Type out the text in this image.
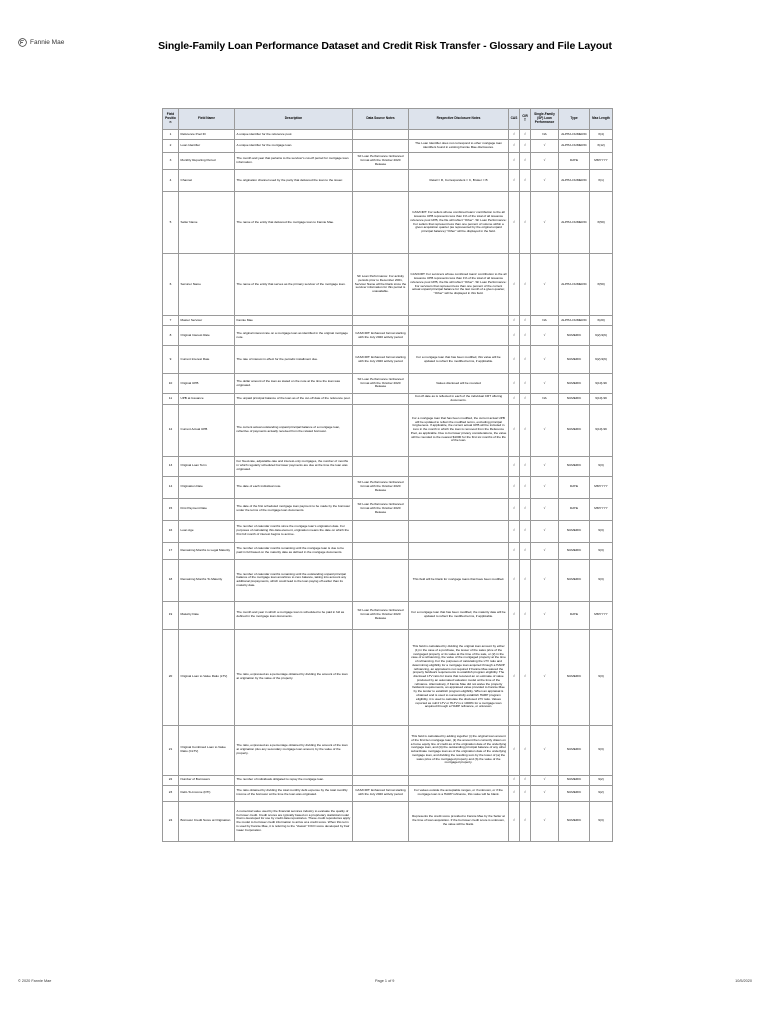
Fannie Mae	Single-Family Loan Performance Dataset and Credit Risk Transfer - Glossary and File Layout
Field Position	Field Name	Description	Data Source Notes	Respective Disclosure Notes	CAS	CIRT	Single-Family (SF) Loan Performance	Type	Max Length
1	Reference Pool ID	A unique identifier for the reference pool.			√	√	NA	ALPHA-NUMERIC	X(4)
2	Loan Identifier	A unique identifier for the mortgage loan.		The Loan Identifier does not correspond to other mortgage loan identifiers found in existing Fannie Mae disclosures.	√	√	√	ALPHA-NUMERIC	X(12)
3	Monthly Reporting Period	The month and year that pertains to the servicer's cut-off period for mortgage loan information.	SF Loan Performance: Enhanced format with the October 2020 Release		√	√	√	DATE	MMYYYY
4	Channel	The origination channel used by the party that delivered the loan to the issuer.		Retail = R, Correspondent = C, Broker = B	√	√	√	ALPHA-NUMERIC	X(1)
5	Seller Name	The name of the entity that delivered the mortgage loan to Fannie Mae.		CAS/CIRT: For sellers whose combined loans' contribution to the all issuance UPB represents less than 1% of the total of all issuance reference pool UPB, the file will reflect "Other". SF Loan Performance: For sellers that represent less than one percent of volume within a given acquisition quarter (as represented by the original unpaid principal balance) "Other" will be displayed in the field.	√	√	√	ALPHA-NUMERIC	X(50)
6	Servicer Name	The name of the entity that serves as the primary servicer of the mortgage loan.	SF Loan Performance: For activity periods prior to December 2001, Servicer Name will be blank since the servicer information for this period is unavailable.	CAS/CIRT: For servicers whose combined loans' contribution to the all issuance UPB represents less than 1% of the total of all issuance reference pool UPB, the file will reflect "Other". SF Loan Performance: For servicers that represent less than one percent of the current actual unpaid principal balance for the last month of a given quarter, "Other" will be displayed in this field.	√	√	√	ALPHA-NUMERIC	X(50)
7	Master Servicer	Fannie Mae			√	√	NA	ALPHA-NUMERIC	X(20)
8	Original Interest Rate	The original interest rate on a mortgage loan as identified in the original mortgage note.	CAS/CIRT: Enhanced format starting with the July 2020 activity period		√	√	√	NUMERIC	9(2).9(6)
9	Current Interest Rate	The rate of interest in effect for the periodic installment due.	CAS/CIRT: Enhanced format starting with the July 2020 activity period	For a mortgage loan that has been modified, this value will be updated to reflect the modified terms, if applicable.	√	√	√	NUMERIC	9(2).9(6)
10	Original UPB	The dollar amount of the loan as stated on the note at the time the loan was originated.	SF Loan Performance: Enhanced format with the October 2020 Release	Values disclosed will be rounded	√	√	√	NUMERIC	9(10).99
11	UPB at Issuance	The unpaid principal balance of the loan as of the cut-off date of the reference pool.		Cut off date as is reflected in each of the individual CRT offering documents.	√	√	NA	NUMERIC	9(10).99
12	Current Actual UPB	The current actual outstanding unpaid principal balance of a mortgage loan, reflective of payments actually received from the related borrower.		For a mortgage loan that has been modified, the current actual UPB will be updated to reflect the modified terms, excluding principal forgiveness. If applicable, the current actual UPB will be included in zero in the month in which the loan is removed from the Reference Pool, as applicable. Due to borrower privacy considerations, the value will be rounded to the nearest $1000 for the first six months of the life of the loan.	√	√	√	NUMERIC	9(10).99
13	Original Loan Term	For fixed-rate, adjustable-rate and interest-only mortgages, the number of months in which regularly scheduled borrower payments are due at the time the loan was originated.			√	√	√	NUMERIC	9(3)
14	Origination Date	The date of each individual note.	SF Loan Performance: Enhanced format with the October 2020 Release		√	√	√	DATE	MMYYYY
15	First Payment Date	The date of the first scheduled mortgage loan payment to be made by the borrower under the terms of the mortgage loan documents.	SF Loan Performance: Enhanced format with the October 2020 Release		√	√	√	DATE	MMYYYY
16	Loan Age	The number of calendar months since the mortgage loan's origination date. For purposes of calculating this data element, origination means the date on which the first full month of interest begins to accrue.			√	√	√	NUMERIC	9(3)
17	Remaining Months to Legal Maturity	The number of calendar months remaining until the mortgage loan is due to be paid in full based on the maturity date as defined in the mortgage documents.			√	√	√	NUMERIC	9(3)
18	Remaining Months To Maturity	The number of calendar months remaining until the outstanding unpaid principal balance of the mortgage loan amortizes to zero balance, taking into account any additional prepayments, which could lead to the loan paying off earlier than its maturity date.		This field will be blank for mortgage loans that have been modified.	√	√	√	NUMERIC	9(3)
19	Maturity Date	The month and year in which a mortgage loan is scheduled to be paid in full as defined in the mortgage loan documents.	SF Loan Performance: Enhanced format with the October 2020 Release	For a mortgage loan that has been modified, the maturity date will be updated to reflect the modified terms, if applicable.	√	√	√	DATE	MMYYYY
20	Original Loan to Value Ratio (LTV)	The ratio, expressed as a percentage obtained by dividing the amount of the loan at origination by the value of the property.		This field is calculated by dividing the original loan amount by either (1) in the case of a purchase, the lesser of the sales price of the mortgaged property or its value at the time of the sale, or (2) in the case of a refinancing, the value of the mortgaged property at the time of refinancing. For the purposes of calculating the LTV ratio and determining eligibility for a mortgage loan acquired through a HARP refinancing, an appraisal is not required if Fannie Mae waived the property fieldwork requirements to establish program eligibility. The disclosed LTV ratio for loans that received an on estimate of value produced by an automated valuation model at the time of the refinance. Alternatively, if Fannie Mae did not waive the property fieldwork requirements, an appraised value provided to Fannie Mae by the lender to establish program eligibility. When an appraisal is obtained and is used to successfully establish HARP program eligibility, it is used to calculate the disclosed LTV ratio. Values reported as null if LTV or HLTV is ≥ 1000% for a mortgage loan acquired through a HARP refinance, or unknown.	√	√	√	NUMERIC	9(3)
21	Original Combined Loan to Value Ratio (CLTV)	The ratio, expressed as a percentage obtained by dividing the amount of the loan at origination plus any secondary mortgage loan amount, by the value of the property.		This field is calculated by adding together (i) the original loan amount of the first lien mortgage loan, (ii) the amount then currently drawn on a home equity line of credit as of the origination date of the underlying mortgage loan, and (iii) the outstanding principal balance of any other subordinate mortgage loan as of the origination date of the underlying mortgage loan, and dividing the resulting sum by the lower of (a) the sales price of the mortgaged property and (b) the value of the mortgaged property.	√	√	√	NUMERIC	9(3)
22	Number of Borrowers	The number of individuals obligated to repay the mortgage loan.			√	√	√	NUMERIC	9(2)
23	Debt-To-Income (DTI)	The ratio obtained by dividing the total monthly debt expense by the total monthly income of the borrower at the time the loan was originated.	CAS/CIRT: Enhanced format starting with the July 2020 activity period	For values outside the acceptable ranges, or if unknown, or if the mortgage loan is a HARP refinance, this value will be blank.	√	√	√	NUMERIC	9(2)
24	Borrower Credit Score at Origination	A numerical value used by the financial services industry to evaluate the quality of borrower credit. Credit scores are typically based on a proprietary statistical model that is developed for use by credit data repositories. These credit repositories apply the model to borrower credit information to arrive at a credit score. When this term is used by Fannie Mae, it is referring to the "classic" FICO score developed by Fair Isaac Corporation.		Represents the credit score provided to Fannie Mae by the Seller at the time of loan acquisition. If the borrower credit score is unknown, the value will be blank.	√	√	√	NUMERIC	9(3)
© 2020 Fannie Mae	Page 1 of 9	10/5/2020
